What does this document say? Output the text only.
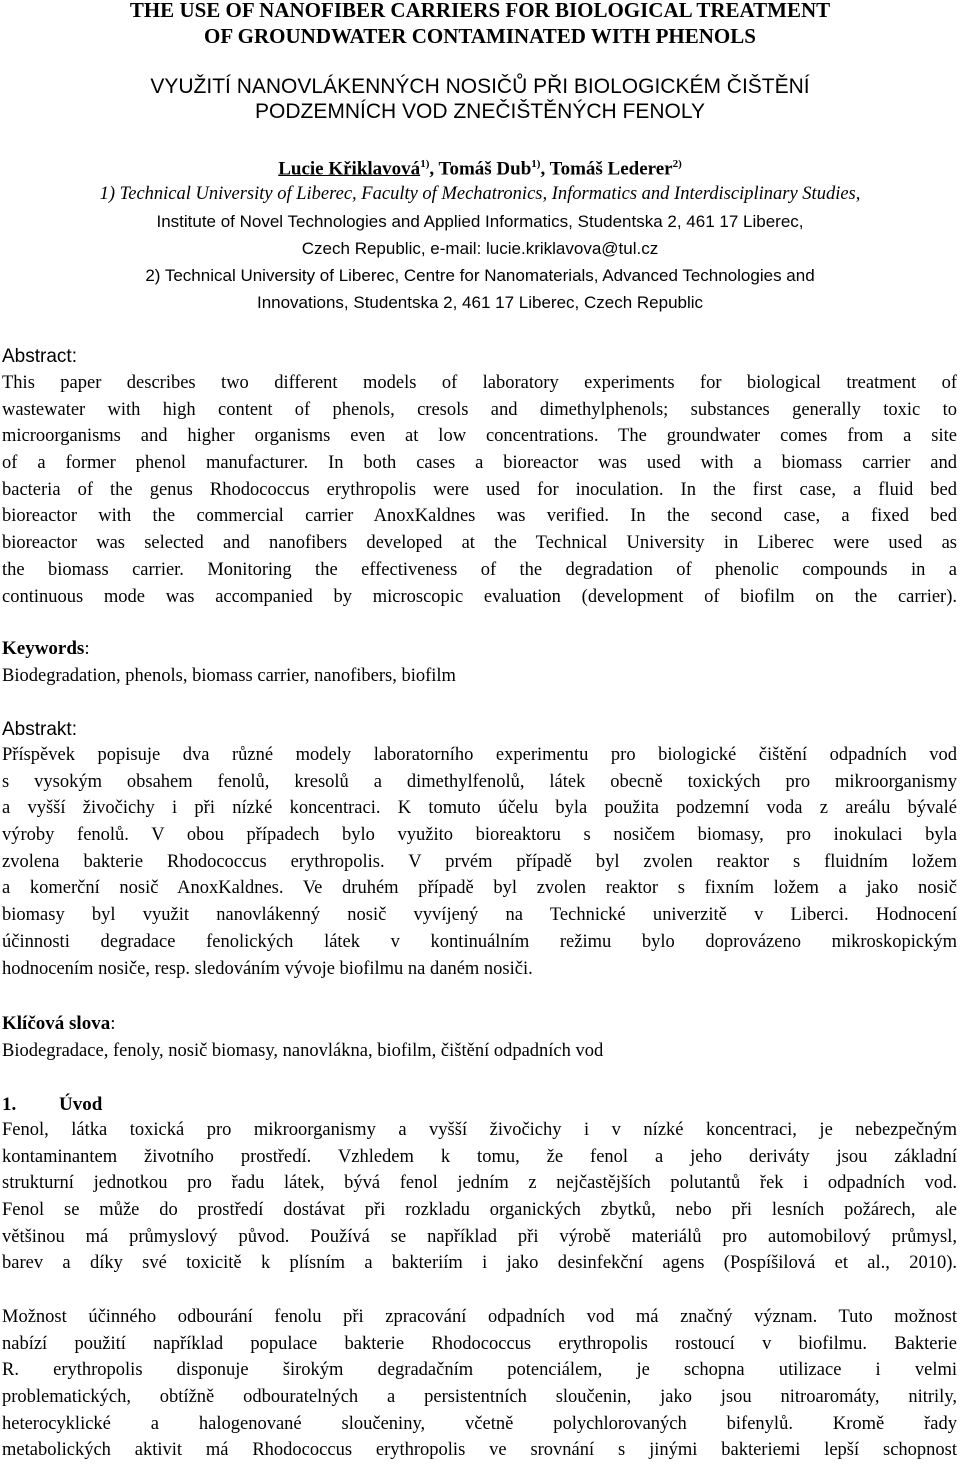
THE USE OF NANOFIBER CARRIERS FOR BIOLOGICAL TREATMENT
OF GROUNDWATER CONTAMINATED WITH PHENOLS
VYUŽITÍ NANOVLÁKENNÝCH NOSIČŮ PŘI BIOLOGICKÉM ČIŠTĚNÍ
PODZEMNÍCH VOD ZNEČIŠTĚNÝCH FENOLY
Lucie Křiklavová$^{1)}$, Tomáš Dub$^{1)}$, Tomáš Lederer$^{2)}$
1) Technical University of Liberec, Faculty of Mechatronics, Informatics and Interdisciplinary Studies,
Institute of Novel Technologies and Applied Informatics, Studentska 2, 461 17 Liberec,
Czech Republic, e-mail: lucie.kriklavova@tul.cz
2) Technical University of Liberec, Centre for Nanomaterials, Advanced Technologies and
Innovations, Studentska 2, 461 17 Liberec, Czech Republic
Abstract:
This paper describes two different models of laboratory experiments for biological treatment of
wastewater with high content of phenols, cresols and dimethylphenols; substances generally toxic to
microorganisms and higher organisms even at low concentrations. The groundwater comes from a site
of a former phenol manufacturer. In both cases a bioreactor was used with a biomass carrier and
bacteria of the genus Rhodococcus erythropolis were used for inoculation. In the first case, a fluid bed
bioreactor with the commercial carrier AnoxKaldnes was verified. In the second case, a fixed bed
bioreactor was selected and nanofibers developed at the Technical University in Liberec were used as
the biomass carrier. Monitoring the effectiveness of the degradation of phenolic compounds in a
continuous mode was accompanied by microscopic evaluation (development of biofilm on the carrier).
Keywords:
Biodegradation, phenols, biomass carrier, nanofibers, biofilm
Abstrakt:
Příspěvek popisuje dva různé modely laboratorního experimentu pro biologické čištění odpadních vod
s vysokým obsahem fenolů, kresolů a dimethylfenolů, látek obecně toxických pro mikroorganismy
a vyšší živočichy i při nízké koncentraci. K tomuto účelu byla použita podzemní voda z areálu bývalé
výroby fenolů. V obou případech bylo využito bioreaktoru s nosičem biomasy, pro inokulaci byla
zvolena bakterie Rhodococcus erythropolis. V prvém případě byl zvolen reaktor s fluidním ložem
a komerční nosič AnoxKaldnes. Ve druhém případě byl zvolen reaktor s fixním ložem a jako nosič
biomasy byl využit nanovlákenný nosič vyvíjený na Technické univerzitě v Liberci. Hodnocení
účinnosti degradace fenolických látek v kontinuálním režimu bylo doprovázeno mikroskopickým
hodnocením nosiče, resp. sledováním vývoje biofilmu na daném nosiči.
Klíčová slova:
Biodegradace, fenoly, nosič biomasy, nanovlákna, biofilm, čištění odpadních vod
1. Úvod
Fenol, látka toxická pro mikroorganismy a vyšší živočichy i v nízké koncentraci, je nebezpečným
kontaminantem životního prostředí. Vzhledem k tomu, že fenol a jeho deriváty jsou základní
strukturní jednotkou pro řadu látek, bývá fenol jedním z nejčastějších polutantů řek i odpadních vod.
Fenol se může do prostředí dostávat při rozkladu organických zbytků, nebo při lesních požárech, ale
většinou má průmyslový původ. Používá se například při výrobě materiálů pro automobilový průmysl,
barev a díky své toxicitě k plísním a bakteriím i jako desinfekční agens (Pospíšilová et al., 2010).
Možnost účinného odbourání fenolu při zpracování odpadních vod má značný význam. Tuto možnost
nabízí použití například populace bakterie Rhodococcus erythropolis rostoucí v biofilmu. Bakterie
R. erythropolis disponuje širokým degradačním potenciálem, je schopna utilizace i velmi
problematických, obtížně odbouratelných a persistentních sloučenin, jako jsou nitroaromáty, nitrily,
heterocyklické a halogenované sloučeniny, včetně polychlorovaných bifenylů. Kromě řady
metabolických aktivit má Rhodococcus erythropolis ve srovnání s jinými bakteriemi lepší schopnost
